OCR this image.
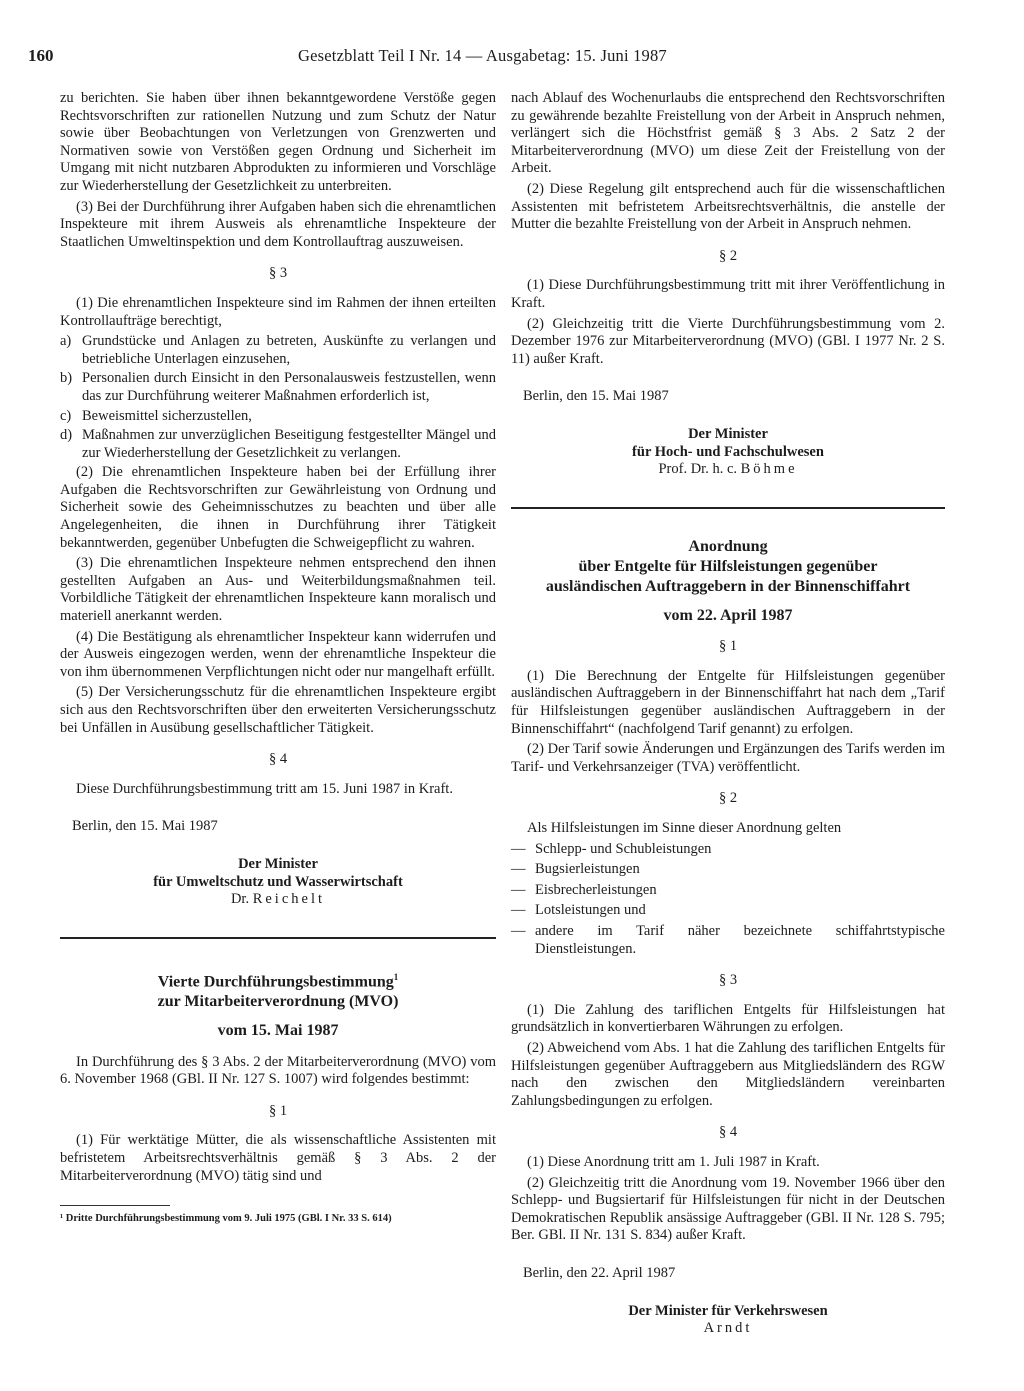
160	Gesetzblatt Teil I Nr. 14 — Ausgabetag: 15. Juni 1987

zu berichten. Sie haben über ihnen bekanntgewordene Verstöße gegen Rechtsvorschriften zur rationellen Nutzung und zum Schutz der Natur sowie über Beobachtungen von Verletzungen von Grenzwerten und Normativen sowie von Verstößen gegen Ordnung und Sicherheit im Umgang mit nicht nutzbaren Abprodukten zu informieren und Vorschläge zur Wiederherstellung der Gesetzlichkeit zu unterbreiten.

(3) Bei der Durchführung ihrer Aufgaben haben sich die ehrenamtlichen Inspekteure mit ihrem Ausweis als ehrenamtliche Inspekteure der Staatlichen Umweltinspektion und dem Kontrollauftrag auszuweisen.

§ 3

(1) Die ehrenamtlichen Inspekteure sind im Rahmen der ihnen erteilten Kontrollaufträge berechtigt,

a) Grundstücke und Anlagen zu betreten, Auskünfte zu verlangen und betriebliche Unterlagen einzusehen,
b) Personalien durch Einsicht in den Personalausweis festzustellen, wenn das zur Durchführung weiterer Maßnahmen erforderlich ist,
c) Beweismittel sicherzustellen,
d) Maßnahmen zur unverzüglichen Beseitigung festgestellter Mängel und zur Wiederherstellung der Gesetzlichkeit zu verlangen.

(2) Die ehrenamtlichen Inspekteure haben bei der Erfüllung ihrer Aufgaben die Rechtsvorschriften zur Gewährleistung von Ordnung und Sicherheit sowie des Geheimnisschutzes zu beachten und über alle Angelegenheiten, die ihnen in Durchführung ihrer Tätigkeit bekanntwerden, gegenüber Unbefugten die Schweigepflicht zu wahren.

(3) Die ehrenamtlichen Inspekteure nehmen entsprechend den ihnen gestellten Aufgaben an Aus- und Weiterbildungsmaßnahmen teil. Vorbildliche Tätigkeit der ehrenamtlichen Inspekteure kann moralisch und materiell anerkannt werden.

(4) Die Bestätigung als ehrenamtlicher Inspekteur kann widerrufen und der Ausweis eingezogen werden, wenn der ehrenamtliche Inspekteur die von ihm übernommenen Verpflichtungen nicht oder nur mangelhaft erfüllt.

(5) Der Versicherungsschutz für die ehrenamtlichen Inspekteure ergibt sich aus den Rechtsvorschriften über den erweiterten Versicherungsschutz bei Unfällen in Ausübung gesellschaftlicher Tätigkeit.

§ 4

Diese Durchführungsbestimmung tritt am 15. Juni 1987 in Kraft.

Berlin, den 15. Mai 1987

Der Minister

für Umweltschutz und Wasserwirtschaft

Dr. Reichelt

Vierte Durchführungsbestimmung$^1$

zur Mitarbeiterverordnung (MVO)

vom 15. Mai 1987

In Durchführung des § 3 Abs. 2 der Mitarbeiterverordnung (MVO) vom 6. November 1968 (GBl. II Nr. 127 S. 1007) wird folgendes bestimmt:

§ 1

(1) Für werktätige Mütter, die als wissenschaftliche Assistenten mit befristetem Arbeitsrechtsverhältnis gemäß § 3 Abs. 2 der Mitarbeiterverordnung (MVO) tätig sind und

¹ Dritte Durchführungsbestimmung vom 9. Juli 1975 (GBl. I Nr. 33 S. 614)

nach Ablauf des Wochenurlaubs die entsprechend den Rechtsvorschriften zu gewährende bezahlte Freistellung von der Arbeit in Anspruch nehmen, verlängert sich die Höchstfrist gemäß § 3 Abs. 2 Satz 2 der Mitarbeiterverordnung (MVO) um diese Zeit der Freistellung von der Arbeit.

(2) Diese Regelung gilt entsprechend auch für die wissenschaftlichen Assistenten mit befristetem Arbeitsrechtsverhältnis, die anstelle der Mutter die bezahlte Freistellung von der Arbeit in Anspruch nehmen.

§ 2

(1) Diese Durchführungsbestimmung tritt mit ihrer Veröffentlichung in Kraft.

(2) Gleichzeitig tritt die Vierte Durchführungsbestimmung vom 2. Dezember 1976 zur Mitarbeiterverordnung (MVO) (GBl. I 1977 Nr. 2 S. 11) außer Kraft.

Berlin, den 15. Mai 1987

Der Minister

für Hoch- und Fachschulwesen

Prof. Dr. h. c. Böhme

Anordnung

über Entgelte für Hilfsleistungen gegenüber

ausländischen Auftraggebern in der Binnenschiffahrt

vom 22. April 1987

§ 1

(1) Die Berechnung der Entgelte für Hilfsleistungen gegenüber ausländischen Auftraggebern in der Binnenschiffahrt hat nach dem „Tarif für Hilfsleistungen gegenüber ausländischen Auftraggebern in der Binnenschiffahrt“ (nachfolgend Tarif genannt) zu erfolgen.

(2) Der Tarif sowie Änderungen und Ergänzungen des Tarifs werden im Tarif- und Verkehrsanzeiger (TVA) veröffentlicht.

§ 2

Als Hilfsleistungen im Sinne dieser Anordnung gelten

— Schlepp- und Schubleistungen
— Bugsierleistungen
— Eisbrecherleistungen
— Lotsleistungen und
— andere im Tarif näher bezeichnete schiffahrtstypische Dienstleistungen.
§ 3

(1) Die Zahlung des tariflichen Entgelts für Hilfsleistungen hat grundsätzlich in konvertierbaren Währungen zu erfolgen.

(2) Abweichend vom Abs. 1 hat die Zahlung des tariflichen Entgelts für Hilfsleistungen gegenüber Auftraggebern aus Mitgliedsländern des RGW nach den zwischen den Mitgliedsländern vereinbarten Zahlungsbedingungen zu erfolgen.

§ 4

(1) Diese Anordnung tritt am 1. Juli 1987 in Kraft.

(2) Gleichzeitig tritt die Anordnung vom 19. November 1966 über den Schlepp- und Bugsiertarif für Hilfsleistungen für nicht in der Deutschen Demokratischen Republik ansässige Auftraggeber (GBl. II Nr. 128 S. 795; Ber. GBl. II Nr. 131 S. 834) außer Kraft.

Berlin, den 22. April 1987

Der Minister für Verkehrswesen

Arndt
